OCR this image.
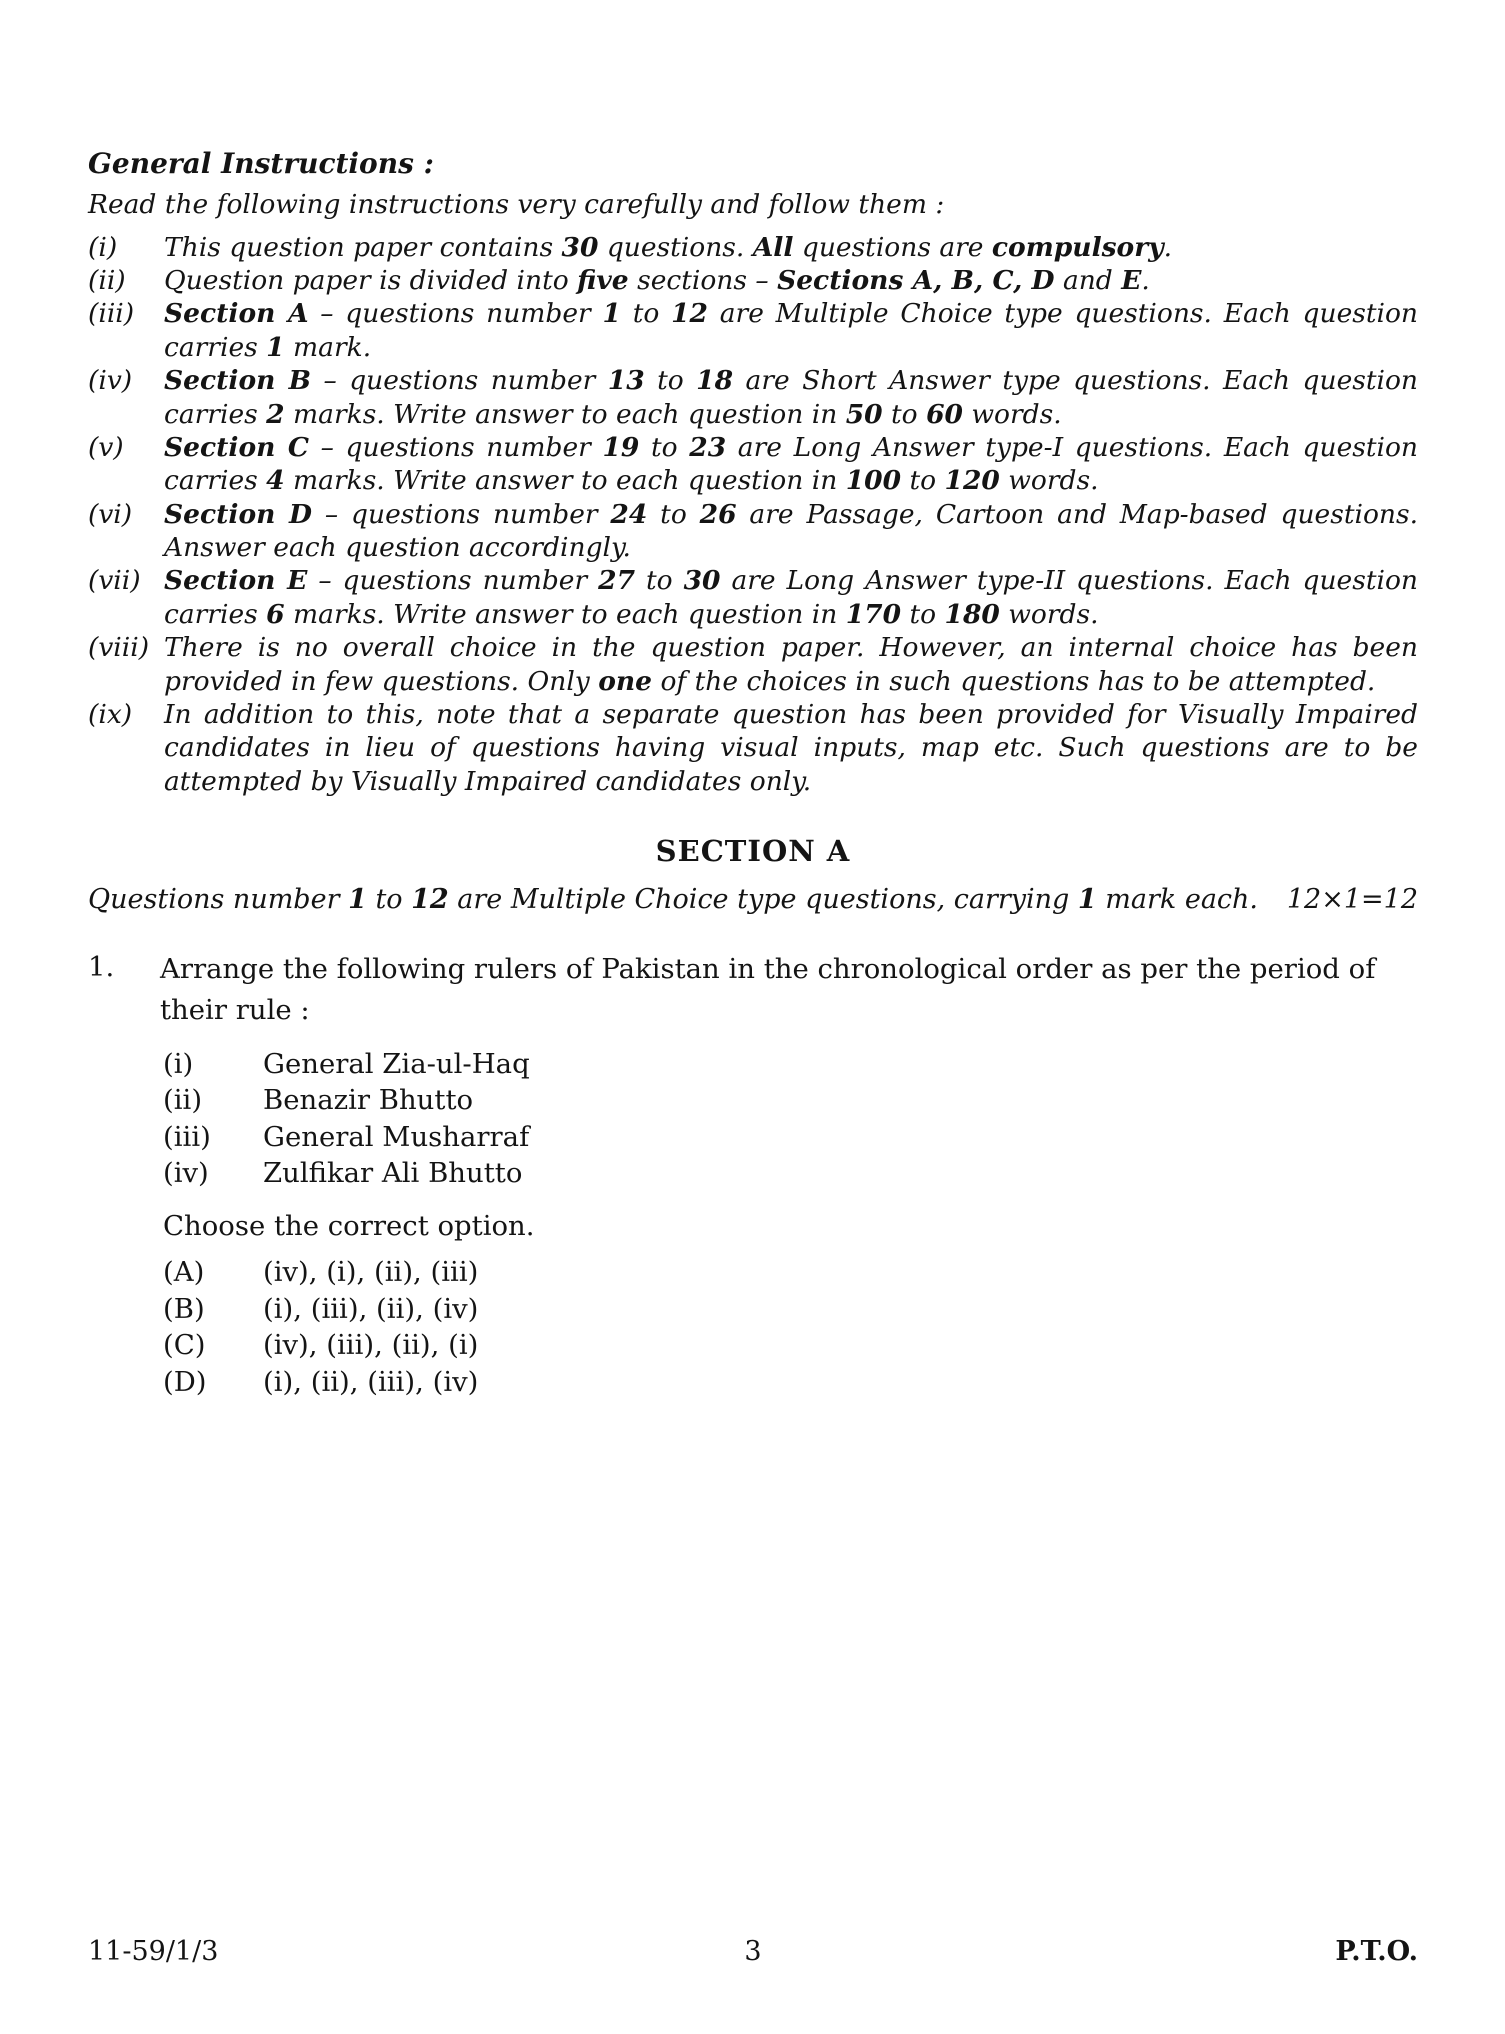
General Instructions :

Read the following instructions very carefully and follow them :

(i)	This question paper contains 30 questions. All questions are compulsory.
(ii)	Question paper is divided into five sections – Sections A, B, C, D and E.
(iii)	Section A – questions number 1 to 12 are Multiple Choice type questions. Each question carries 1 mark.
(iv)	Section B – questions number 13 to 18 are Short Answer type questions. Each question carries 2 marks. Write answer to each question in 50 to 60 words.
(v)	Section C – questions number 19 to 23 are Long Answer type-I questions. Each question carries 4 marks. Write answer to each question in 100 to 120 words.
(vi)	Section D – questions number 24 to 26 are Passage, Cartoon and Map-based questions. Answer each question accordingly.
(vii) Section E – questions number 27 to 30 are Long Answer type-II questions. Each question carries 6 marks. Write answer to each question in 170 to 180 words.
(viii) There is no overall choice in the question paper. However, an internal choice has been provided in few questions. Only one of the choices in such questions has to be attempted.
(ix)	In addition to this, note that a separate question has been provided for Visually Impaired candidates in lieu of questions having visual inputs, map etc. Such questions are to be attempted by Visually Impaired candidates only.
SECTION A
Questions number 1 to 12 are Multiple Choice type questions, carrying 1 mark each. 12×1=12
1.	Arrange the following rulers of Pakistan in the chronological order as per the period of their rule :
(i)	General Zia-ul-Haq
(ii)	Benazir Bhutto
(iii)	General Musharraf
(iv)	Zulfikar Ali Bhutto
Choose the correct option.
(A)	(iv), (i), (ii), (iii)
(B)	(i), (iii), (ii), (iv)
(C)	(iv), (iii), (ii), (i)
(D)	(i), (ii), (iii), (iv)
11-59/1/3	3	P.T.O.
